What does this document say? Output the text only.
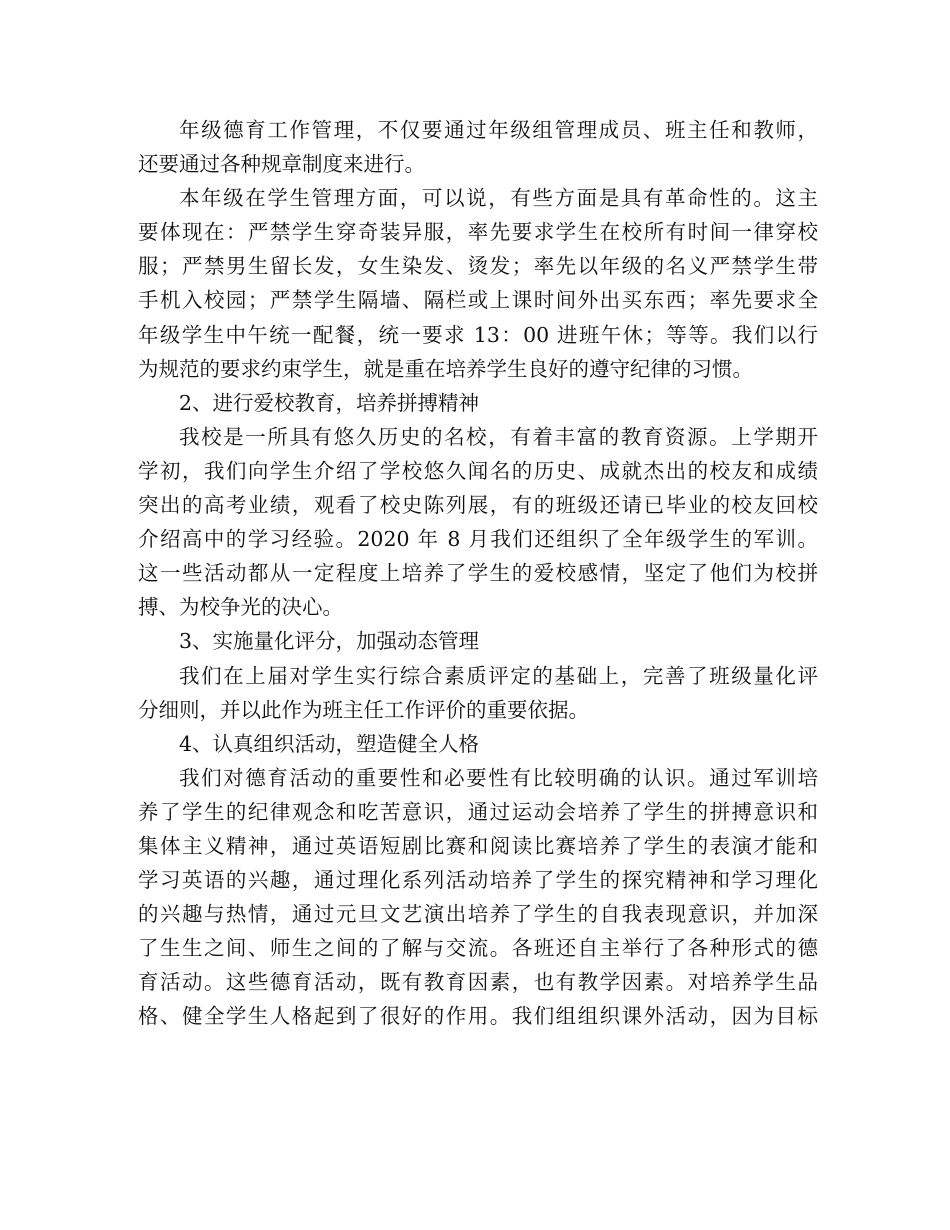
年级德育工作管理，不仅要通过年级组管理成员、班主任和教师，
还要通过各种规章制度来进行。
本年级在学生管理方面，可以说，有些方面是具有革命性的。这主
要体现在：严禁学生穿奇装异服，率先要求学生在校所有时间一律穿校
服；严禁男生留长发，女生染发、烫发；率先以年级的名义严禁学生带
手机入校园；严禁学生隔墙、隔栏或上课时间外出买东西；率先要求全
年级学生中午统一配餐，统一要求 13：00 进班午休；等等。我们以行
为规范的要求约束学生，就是重在培养学生良好的遵守纪律的习惯。
2、进行爱校教育，培养拼搏精神
我校是一所具有悠久历史的名校，有着丰富的教育资源。上学期开
学初，我们向学生介绍了学校悠久闻名的历史、成就杰出的校友和成绩
突出的高考业绩，观看了校史陈列展，有的班级还请已毕业的校友回校
介绍高中的学习经验。2020 年 8 月我们还组织了全年级学生的军训。
这一些活动都从一定程度上培养了学生的爱校感情，坚定了他们为校拼
搏、为校争光的决心。
3、实施量化评分，加强动态管理
我们在上届对学生实行综合素质评定的基础上，完善了班级量化评
分细则，并以此作为班主任工作评价的重要依据。
4、认真组织活动，塑造健全人格
我们对德育活动的重要性和必要性有比较明确的认识。通过军训培
养了学生的纪律观念和吃苦意识，通过运动会培养了学生的拼搏意识和
集体主义精神，通过英语短剧比赛和阅读比赛培养了学生的表演才能和
学习英语的兴趣，通过理化系列活动培养了学生的探究精神和学习理化
的兴趣与热情，通过元旦文艺演出培养了学生的自我表现意识，并加深
了生生之间、师生之间的了解与交流。各班还自主举行了各种形式的德
育活动。这些德育活动，既有教育因素，也有教学因素。对培养学生品
格、健全学生人格起到了很好的作用。我们组组织课外活动，因为目标
